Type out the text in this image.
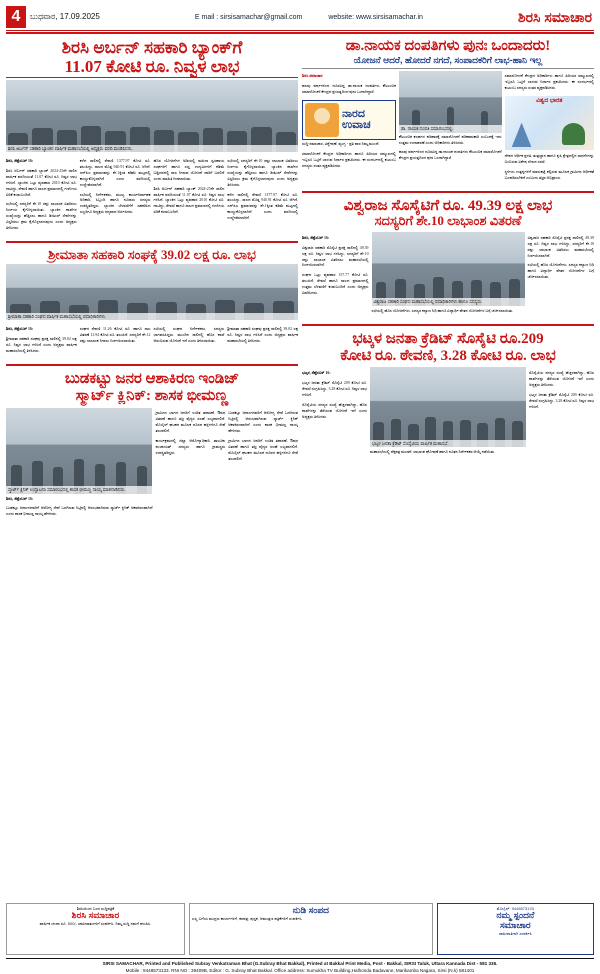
4	ಬುಧವಾರ, 17.09.2025	E mail : sirsisamachar@gmail.com	website: www.sirsisamachar.in	ಶಿರಸಿ ಸಮಾಚಾರ
ಶಿರಸಿ ಅರ್ಬನ್ ಸಹಕಾರಿ ಬ್ಯಾಂಕ್‌ಗೆ
11.07 ಕೋಟಿ ರೂ. ನಿವ್ವಳ ಲಾಭ
ಶಿರಸಿ ಅರ್ಬನ್ ಸಹಕಾರಿ ಬ್ಯಾಂಕಿನ ವಾರ್ಷಿಕ ಮಹಾಸಭೆಯಲ್ಲಿ ಅಧ್ಯಕ್ಷರು ವರದಿ ಮಂಡಿಸಿದರು.

ಶಿರಸಿ, ಸೆಪ್ಟೆಂಬರ್ 16:

ಶಿರಸಿ ಅರ್ಬನ್ ಸಹಕಾರಿ ಬ್ಯಾಂಕ್ 2024-25ನೇ ಸಾಲಿನ ವಾರ್ಷಿಕ ವರದಿಯಂತೆ 11.07 ಕೋಟಿ ರೂ. ನಿವ್ವಳ ಲಾಭ ಗಳಿಸಿದೆ. ಬ್ಯಾಂಕಿನ ಒಟ್ಟು ವ್ಯವಹಾರ 2010 ಕೋಟಿ ರೂ. ದಾಟಿದ್ದು, ಠೇವಣಿ ಹಾಗೂ ಸಾಲದ ಪ್ರಮಾಣದಲ್ಲಿ ಗಣನೀಯ ಏರಿಕೆ ಕಂಡುಬಂದಿದೆ.

ಸಭೆಯಲ್ಲಿ ಸದಸ್ಯರಿಗೆ ಶೇ.10 ರಷ್ಟು ಲಾಭಾಂಶ ವಿತರಿಸಲು ನಿರ್ಣಯ ಕೈಗೊಳ್ಳಲಾಯಿತು. ಬ್ಯಾಂಕಿನ ಶಾಖೆಗಳ ಸಂಖ್ಯೆಯನ್ನು ಹೆಚ್ಚಿಸಲು ಹಾಗೂ ಡಿಜಿಟಲ್ ಸೇವೆಗಳನ್ನು ವಿಸ್ತರಿಸಲು ಕ್ರಮ ಕೈಗೊಳ್ಳಲಾಗುವುದು ಎಂದು ಅಧ್ಯಕ್ಷರು ತಿಳಿಸಿದರು.

ಕಳೆದ ಸಾಲಿನಲ್ಲಿ ಠೇವಣಿ 1377.97 ಕೋಟಿ ರೂ. ತಲುಪಿದ್ದು, ಸಾಲದ ಮೊತ್ತ 940.91 ಕೋಟಿ ರೂ. ಆಗಿದೆ. ಎನ್‌ಪಿಎ ಪ್ರಮಾಣವನ್ನು ಶೇ.1ಕ್ಕಿಂತ ಕಡಿಮೆ ಮಟ್ಟದಲ್ಲಿ ಕಾಯ್ದುಕೊಳ್ಳಲಾಗಿದೆ ಎಂದು ವರದಿಯಲ್ಲಿ ಉಲ್ಲೇಖಿಸಲಾಗಿದೆ.

ಸಭೆಯಲ್ಲಿ ನಿರ್ದೇಶಕರು, ಮುಖ್ಯ ಕಾರ್ಯನಿರ್ವಾಹಕ ಅಧಿಕಾರಿ, ಸಿಬ್ಬಂದಿ ಹಾಗೂ ನೂರಾರು ಸದಸ್ಯರು ಉಪಸ್ಥಿತರಿದ್ದರು. ಬ್ಯಾಂಕಿನ ಬೆಳವಣಿಗೆಗೆ ಸಹಕರಿಸಿದ ಎಲ್ಲರಿಗೂ ಅಧ್ಯಕ್ಷರು ಧನ್ಯವಾದ ಅರ್ಪಿಸಿದರು.

ಹೊಸ ಯೋಜನೆಗಳ ಅಡಿಯಲ್ಲಿ ಮಹಿಳಾ ಸ್ವಸಹಾಯ ಸಂಘಗಳಿಗೆ ಹಾಗೂ ಸಣ್ಣ ಉದ್ಯಮಿಗಳಿಗೆ ಕಡಿಮೆ ಬಡ್ಡಿದರದಲ್ಲಿ ಸಾಲ ನೀಡುವ ಯೋಜನೆ ಜಾರಿಗೆ ಬರಲಿದೆ ಎಂದು ಮಾಹಿತಿ ನೀಡಲಾಯಿತು.

ಶಿರಸಿ ಅರ್ಬನ್ ಸಹಕಾರಿ ಬ್ಯಾಂಕ್ 2024-25ನೇ ಸಾಲಿನ ವಾರ್ಷಿಕ ವರದಿಯಂತೆ 11.07 ಕೋಟಿ ರೂ. ನಿವ್ವಳ ಲಾಭ ಗಳಿಸಿದೆ. ಬ್ಯಾಂಕಿನ ಒಟ್ಟು ವ್ಯವಹಾರ 2010 ಕೋಟಿ ರೂ. ದಾಟಿದ್ದು, ಠೇವಣಿ ಹಾಗೂ ಸಾಲದ ಪ್ರಮಾಣದಲ್ಲಿ ಗಣನೀಯ ಏರಿಕೆ ಕಂಡುಬಂದಿದೆ.

ಸಭೆಯಲ್ಲಿ ಸದಸ್ಯರಿಗೆ ಶೇ.10 ರಷ್ಟು ಲಾಭಾಂಶ ವಿತರಿಸಲು ನಿರ್ಣಯ ಕೈಗೊಳ್ಳಲಾಯಿತು. ಬ್ಯಾಂಕಿನ ಶಾಖೆಗಳ ಸಂಖ್ಯೆಯನ್ನು ಹೆಚ್ಚಿಸಲು ಹಾಗೂ ಡಿಜಿಟಲ್ ಸೇವೆಗಳನ್ನು ವಿಸ್ತರಿಸಲು ಕ್ರಮ ಕೈಗೊಳ್ಳಲಾಗುವುದು ಎಂದು ಅಧ್ಯಕ್ಷರು ತಿಳಿಸಿದರು.

ಕಳೆದ ಸಾಲಿನಲ್ಲಿ ಠೇವಣಿ 1377.97 ಕೋಟಿ ರೂ. ತಲುಪಿದ್ದು, ಸಾಲದ ಮೊತ್ತ 940.91 ಕೋಟಿ ರೂ. ಆಗಿದೆ. ಎನ್‌ಪಿಎ ಪ್ರಮಾಣವನ್ನು ಶೇ.1ಕ್ಕಿಂತ ಕಡಿಮೆ ಮಟ್ಟದಲ್ಲಿ ಕಾಯ್ದುಕೊಳ್ಳಲಾಗಿದೆ ಎಂದು ವರದಿಯಲ್ಲಿ ಉಲ್ಲೇಖಿಸಲಾಗಿದೆ.

ಶ್ರೀಮಾತಾ ಸಹಕಾರಿ ಸಂಘಕ್ಕೆ 39.02 ಲಕ್ಷ ರೂ. ಲಾಭ
ಶ್ರೀಮಾತಾ ಸಹಕಾರಿ ಸಂಘದ ವಾರ್ಷಿಕ ಮಹಾಸಭೆಯಲ್ಲಿ ಪದಾಧಿಕಾರಿಗಳು.

ಶಿರಸಿ, ಸೆಪ್ಟೆಂಬರ್ 16:

ಶ್ರೀಮಾತಾ ಸಹಕಾರಿ ಸಂಘವು ಪ್ರಸಕ್ತ ಸಾಲಿನಲ್ಲಿ 39.02 ಲಕ್ಷ ರೂ. ನಿವ್ವಳ ಲಾಭ ಗಳಿಸಿದೆ ಎಂದು ಅಧ್ಯಕ್ಷರು ವಾರ್ಷಿಕ ಮಹಾಸಭೆಯಲ್ಲಿ ತಿಳಿಸಿದರು.

ಸಂಘದ ಠೇವಣಿ 11.26 ಕೋಟಿ ರೂ. ಹಾಗೂ ಸಾಲ ವಿತರಣೆ 13.94 ಕೋಟಿ ರೂ. ತಲುಪಿದೆ. ಸದಸ್ಯರಿಗೆ ಶೇ.12 ರಷ್ಟು ಲಾಭಾಂಶ ನೀಡಲು ನಿರ್ಣಯಿಸಲಾಯಿತು.

ಸಭೆಯಲ್ಲಿ ಸಂಘದ ನಿರ್ದೇಶಕರು, ಸದಸ್ಯರು ಭಾಗವಹಿಸಿದ್ದರು. ಮುಂದಿನ ಸಾಲಿನಲ್ಲಿ ಹೊಸ ಶಾಖೆ ಆರಂಭಿಸುವ ಯೋಜನೆ ಇದೆ ಎಂದು ತಿಳಿಸಲಾಯಿತು.

ಶ್ರೀಮಾತಾ ಸಹಕಾರಿ ಸಂಘವು ಪ್ರಸಕ್ತ ಸಾಲಿನಲ್ಲಿ 39.02 ಲಕ್ಷ ರೂ. ನಿವ್ವಳ ಲಾಭ ಗಳಿಸಿದೆ ಎಂದು ಅಧ್ಯಕ್ಷರು ವಾರ್ಷಿಕ ಮಹಾಸಭೆಯಲ್ಲಿ ತಿಳಿಸಿದರು.

ಬುಡಕಟ್ಟು ಜನರ ಆಶಾಕಿರಣ ಇಂಡಿಜ್
ಸ್ಮಾರ್ಟ್ ಕ್ಲಿನಿಕ್: ಶಾಸಕ ಭೀಮಣ್ಣ
ಸ್ಮಾರ್ಟ್ ಕ್ಲಿನಿಕ್ ಉದ್ಘಾಟನಾ ಸಮಾರಂಭದಲ್ಲಿ ಶಾಸಕ ಭೀಮಣ್ಣ ನಾಯ್ಕ ಮಾತನಾಡಿದರು.

ಶಿರಸಿ, ಸೆಪ್ಟೆಂಬರ್ 16:

ಬುಡಕಟ್ಟು ಜನಾಂಗದವರಿಗೆ ಆರೋಗ್ಯ ಸೇವೆ ಒದಗಿಸುವ ನಿಟ್ಟಿನಲ್ಲಿ ಆರಂಭವಾಗಿರುವ ಸ್ಮಾರ್ಟ್ ಕ್ಲಿನಿಕ್ ಆಶಾಕಿರಣವಾಗಿದೆ ಎಂದು ಶಾಸಕ ಭೀಮಣ್ಣ ನಾಯ್ಕ ಹೇಳಿದರು.

ಗ್ರಾಮೀಣ ಭಾಗದ ಜನರಿಗೆ ಉಚಿತ ತಪಾಸಣೆ, ಔಷಧ ವಿತರಣೆ ಹಾಗೂ ತಜ್ಞ ವೈದ್ಯರ ಸಲಹೆ ಲಭ್ಯವಾಗಲಿದೆ. ಮೊಬೈಲ್ ಘಟಕದ ಮೂಲಕ ದೂರದ ಹಳ್ಳಿಗಳಿಗೂ ಸೇವೆ ತಲುಪಲಿದೆ.

ಕಾರ್ಯಕ್ರಮದಲ್ಲಿ ಜಿಲ್ಲಾ ಆರೋಗ್ಯಾಧಿಕಾರಿ, ತಾಲೂಕು ಪಂಚಾಯತ್ ಸದಸ್ಯರು ಹಾಗೂ ಗ್ರಾಮಸ್ಥರು ಉಪಸ್ಥಿತರಿದ್ದರು.

ಬುಡಕಟ್ಟು ಜನಾಂಗದವರಿಗೆ ಆರೋಗ್ಯ ಸೇವೆ ಒದಗಿಸುವ ನಿಟ್ಟಿನಲ್ಲಿ ಆರಂಭವಾಗಿರುವ ಸ್ಮಾರ್ಟ್ ಕ್ಲಿನಿಕ್ ಆಶಾಕಿರಣವಾಗಿದೆ ಎಂದು ಶಾಸಕ ಭೀಮಣ್ಣ ನಾಯ್ಕ ಹೇಳಿದರು.

ಗ್ರಾಮೀಣ ಭಾಗದ ಜನರಿಗೆ ಉಚಿತ ತಪಾಸಣೆ, ಔಷಧ ವಿತರಣೆ ಹಾಗೂ ತಜ್ಞ ವೈದ್ಯರ ಸಲಹೆ ಲಭ್ಯವಾಗಲಿದೆ. ಮೊಬೈಲ್ ಘಟಕದ ಮೂಲಕ ದೂರದ ಹಳ್ಳಿಗಳಿಗೂ ಸೇವೆ ತಲುಪಲಿದೆ.

ಡಾ.ನಾಯಕ ದಂಪತಿಗಳು ಪುನಃ ಒಂದಾದರು!
ಯೋಜನೆ ಆದರೆ, ಹೋದರೆ ನಗದೆ, ಸಂಪಾದಕರಿಗೆ ಲಾಭ-ಹಾನಿ ಇಲ್ಲ

ಶಿರಸಿ ಸಮಾಚಾರ

ಹಲವು ವರ್ಷಗಳಿಂದ ದೂರವಿದ್ದ ಡಾ.ನಾಯಕ ದಂಪತಿಗಳು ಕೌಟುಂಬಿಕ ಸಮಾಲೋಚನೆ ಕೇಂದ್ರದ ಪ್ರಯತ್ನದಿಂದ ಪುನಃ ಒಂದಾಗಿದ್ದಾರೆ.

ನಾರದ
ಉವಾಚ

ಸುದ್ದಿ-ಸಮಾಚಾರ, ವಿಶ್ಲೇಷಣೆ, ವ್ಯಂಗ್ಯ - ಪ್ರತಿ ವಾರ ನಿಮ್ಮ ಮುಂದೆ.

ಸಮಾಲೋಚನೆ ಕೇಂದ್ರದ ಅಧಿಕಾರಿಗಳು ಹಾಗೂ ಹಿರಿಯರ ಸಮ್ಮುಖದಲ್ಲಿ ಇಬ್ಬರೂ ಒಟ್ಟಿಗೆ ಬಾಳುವ ನಿರ್ಧಾರ ಪ್ರಕಟಿಸಿದರು. ಈ ಸಂದರ್ಭದಲ್ಲಿ ಕುಟುಂಬ ಸದಸ್ಯರು ಸಂತಸ ವ್ಯಕ್ತಪಡಿಸಿದರು.

ಡಾ. ನಾಯಕ ದಂಪತಿ ಸಮಾರಂಭದಲ್ಲಿ.

ಕೌಟುಂಬಿಕ ಕಲಹಗಳ ಪರಿಹಾರಕ್ಕೆ ಸಮಾಲೋಚನೆ ಪರಿಣಾಮಕಾರಿ ಎಂಬುದಕ್ಕೆ ಇದು ಉತ್ತಮ ಉದಾಹರಣೆ ಎಂದು ಅಧಿಕಾರಿಗಳು ತಿಳಿಸಿದರು.

ಹಲವು ವರ್ಷಗಳಿಂದ ದೂರವಿದ್ದ ಡಾ.ನಾಯಕ ದಂಪತಿಗಳು ಕೌಟುಂಬಿಕ ಸಮಾಲೋಚನೆ ಕೇಂದ್ರದ ಪ್ರಯತ್ನದಿಂದ ಪುನಃ ಒಂದಾಗಿದ್ದಾರೆ.

ಸಮಾಲೋಚನೆ ಕೇಂದ್ರದ ಅಧಿಕಾರಿಗಳು ಹಾಗೂ ಹಿರಿಯರ ಸಮ್ಮುಖದಲ್ಲಿ ಇಬ್ಬರೂ ಒಟ್ಟಿಗೆ ಬಾಳುವ ನಿರ್ಧಾರ ಪ್ರಕಟಿಸಿದರು. ಈ ಸಂದರ್ಭದಲ್ಲಿ ಕುಟುಂಬ ಸದಸ್ಯರು ಸಂತಸ ವ್ಯಕ್ತಪಡಿಸಿದರು.

ವಿಶ್ವದ ಭಾರತ

ದೇಶದ ಆರ್ಥಿಕ ಪ್ರಗತಿ, ತಂತ್ರಜ್ಞಾನ ಹಾಗೂ ಕೃಷಿ ಕ್ಷೇತ್ರದಲ್ಲಿನ ಸಾಧನೆಗಳನ್ನು ಬಿಂಬಿಸುವ ವಿಶೇಷ ಲೇಖನ ಸರಣಿ.

ಸ್ಥಳೀಯ ಉತ್ಪನ್ನಗಳಿಗೆ ಮಾರುಕಟ್ಟೆ ಕಲ್ಪಿಸುವ ಮೂಲಕ ಗ್ರಾಮೀಣ ಆರ್ಥಿಕತೆ ಬಲಪಡಿಸಬೇಕಿದೆ ಎಂಬುದು ತಜ್ಞರ ಅಭಿಪ್ರಾಯ.

ವಿಶ್ವರಾಜ ಸೊಸೈಟಿಗೆ ರೂ. 49.39 ಲಕ್ಷ ಲಾಭ
ಸದಸ್ಯರಿಗೆ ಶೇ.10 ಲಾಭಾಂಶ ವಿತರಣೆ

ಶಿರಸಿ, ಸೆಪ್ಟೆಂಬರ್ 16:

ವಿಶ್ವರಾಜ ಸಹಕಾರಿ ಸೊಸೈಟಿ ಪ್ರಸಕ್ತ ಸಾಲಿನಲ್ಲಿ 49.39 ಲಕ್ಷ ರೂ. ನಿವ್ವಳ ಲಾಭ ಗಳಿಸಿದ್ದು, ಸದಸ್ಯರಿಗೆ ಶೇ.10 ರಷ್ಟು ಲಾಭಾಂಶ ವಿತರಿಸಲು ಮಹಾಸಭೆಯಲ್ಲಿ ನಿರ್ಣಯಿಸಲಾಗಿದೆ.

ಸಂಘದ ಒಟ್ಟು ವ್ಯವಹಾರ 157.77 ಕೋಟಿ ರೂ. ತಲುಪಿದೆ. ಠೇವಣಿ ಹಾಗೂ ಸಾಲದ ಪ್ರಮಾಣದಲ್ಲಿ ಉತ್ತಮ ಬೆಳವಣಿಗೆ ಕಂಡುಬಂದಿದೆ ಎಂದು ಅಧ್ಯಕ್ಷರು ವಿವರಿಸಿದರು.

ವಿಶ್ವರಾಜ ಸಹಕಾರಿ ಸಂಘದ ಮಹಾಸಭೆಯಲ್ಲಿ ಪದಾಧಿಕಾರಿಗಳು ಹಾಗೂ ಸದಸ್ಯರು.

ಸಭೆಯಲ್ಲಿ ಹೊಸ ಯೋಜನೆಗಳು, ಸದಸ್ಯರ ಕಲ್ಯಾಣ ನಿಧಿ ಹಾಗೂ ವಿದ್ಯಾರ್ಥಿ ವೇತನ ಯೋಜನೆಗಳ ಬಗ್ಗೆ ಚರ್ಚಿಸಲಾಯಿತು.

ವಿಶ್ವರಾಜ ಸಹಕಾರಿ ಸೊಸೈಟಿ ಪ್ರಸಕ್ತ ಸಾಲಿನಲ್ಲಿ 49.39 ಲಕ್ಷ ರೂ. ನಿವ್ವಳ ಲಾಭ ಗಳಿಸಿದ್ದು, ಸದಸ್ಯರಿಗೆ ಶೇ.10 ರಷ್ಟು ಲಾಭಾಂಶ ವಿತರಿಸಲು ಮಹಾಸಭೆಯಲ್ಲಿ ನಿರ್ಣಯಿಸಲಾಗಿದೆ.

ಸಭೆಯಲ್ಲಿ ಹೊಸ ಯೋಜನೆಗಳು, ಸದಸ್ಯರ ಕಲ್ಯಾಣ ನಿಧಿ ಹಾಗೂ ವಿದ್ಯಾರ್ಥಿ ವೇತನ ಯೋಜನೆಗಳ ಬಗ್ಗೆ ಚರ್ಚಿಸಲಾಯಿತು.

ಭಟ್ಕಳ ಜನತಾ ಕ್ರೆಡಿಟ್ ಸೊಸೈಟಿ ರೂ.209
ಕೋಟಿ ರೂ. ಠೇವಣಿ, 3.28 ಕೋಟಿ ರೂ. ಲಾಭ

ಭಟ್ಕಳ, ಸೆಪ್ಟೆಂಬರ್ 16:

ಭಟ್ಕಳ ಜನತಾ ಕ್ರೆಡಿಟ್ ಸೊಸೈಟಿ 209 ಕೋಟಿ ರೂ. ಠೇವಣಿ ಸಂಗ್ರಹಿಸಿದ್ದು, 3.28 ಕೋಟಿ ರೂ. ನಿವ್ವಳ ಲಾಭ ಗಳಿಸಿದೆ.

ಸೊಸೈಟಿಯ ಸದಸ್ಯರ ಸಂಖ್ಯೆ ಹೆಚ್ಚಳವಾಗಿದ್ದು, ಹೊಸ ಶಾಖೆಗಳನ್ನು ತೆರೆಯುವ ಯೋಜನೆ ಇದೆ ಎಂದು ಅಧ್ಯಕ್ಷರು ತಿಳಿಸಿದರು.

ಭಟ್ಕಳ ಜನತಾ ಕ್ರೆಡಿಟ್ ಸೊಸೈಟಿಯ ವಾರ್ಷಿಕ ಮಹಾಸಭೆ.

ಮಹಾಸಭೆಯಲ್ಲಿ ಲೆಕ್ಕಪತ್ರ ಮಂಡನೆ, ಲಾಭಾಂಶ ಘೋಷಣೆ ಹಾಗೂ ನೂತನ ನಿರ್ದೇಶಕರ ಆಯ್ಕೆ ನಡೆಯಿತು.

ಸೊಸೈಟಿಯ ಸದಸ್ಯರ ಸಂಖ್ಯೆ ಹೆಚ್ಚಳವಾಗಿದ್ದು, ಹೊಸ ಶಾಖೆಗಳನ್ನು ತೆರೆಯುವ ಯೋಜನೆ ಇದೆ ಎಂದು ಅಧ್ಯಕ್ಷರು ತಿಳಿಸಿದರು.

ಭಟ್ಕಳ ಜನತಾ ಕ್ರೆಡಿಟ್ ಸೊಸೈಟಿ 209 ಕೋಟಿ ರೂ. ಠೇವಣಿ ಸಂಗ್ರಹಿಸಿದ್ದು, 3.28 ಕೋಟಿ ರೂ. ನಿವ್ವಳ ಲಾಭ ಗಳಿಸಿದೆ.

ಶಿರಸಿಯಿಂದ ಬಂದ ಸುದ್ದಿಪತ್ರಿಕೆ
ಶಿರಸಿ ಸಮಾಚಾರ
ವಾರ್ಷಿಕ ಚಂದಾ ರೂ. 500/- ಜಾಹೀರಾತುಗಳಿಗೆ ಸಂಪರ್ಕಿಸಿ. ನಿಮ್ಮ ಸುದ್ದಿ ನಮಗೆ ಕಳುಹಿಸಿ.
ನುಡಿ ಸಂಪದ
ಎಲ್ಲ ಬಗೆಯ ಮುದ್ರಣ ಕಾರ್ಯಗಳಿಗೆ, ಕರಪತ್ರ, ಪುಸ್ತಕ, ಆಮಂತ್ರಣ ಪತ್ರಿಕೆಗಳಿಗೆ ಸಂಪರ್ಕಿಸಿ.
ಮೊಬೈಲ್: 9448573133
ನಮ್ಮ ಸ್ಪಂದನೆ
ಸಮಾಚಾರ
ಜಾಹೀರಾತಿಗಾಗಿ ಸಂಪರ್ಕಿಸಿ
SIRSI SAMACHAR, Printed and Published Subray Venkatraman Bhat (G.Subray Bhat Bakkal), Printed at Bakkal Print Media, Post - Bakkal, SIRSI Taluk, Uttara Kannada Dist - 581 336.
Mobile : 9448573133. RNI NO : 39409B, Editor : G. Subray Bhat Bakkal. Office address: Sumukha TV Building,Halhonda Badavane, Marikamba Nagara, Sirsi (N.k) 581401
